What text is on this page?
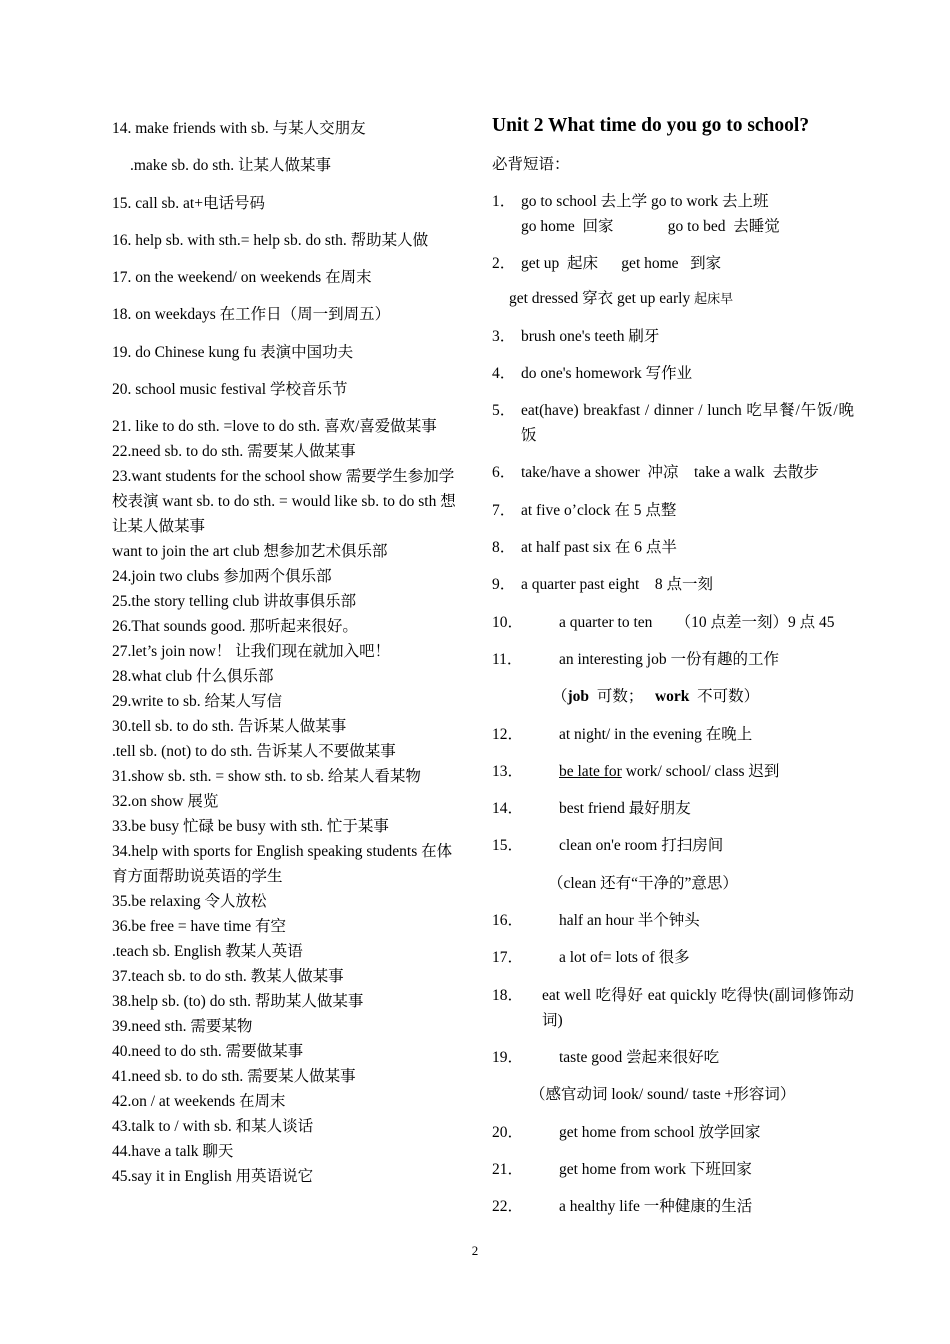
14. make friends with sb. 与某人交朋友
.make sb. do sth. 让某人做某事
15. call sb. at+电话号码
16. help sb. with sth.= help sb. do sth. 帮助某人做
17. on the weekend/ on weekends 在周末
18. on weekdays 在工作日（周一到周五）
19. do Chinese kung fu 表演中国功夫
20. school music festival 学校音乐节
21. like to do sth. =love to do sth. 喜欢/喜爱做某事
22.need sb. to do sth. 需要某人做某事
23.want students for the school show 需要学生参加学校表演 want sb. to do sth. = would like sb. to do sth 想让某人做某事
want to join the art club 想参加艺术俱乐部
24.join two clubs 参加两个俱乐部
25.the story telling club 讲故事俱乐部
26.That sounds good. 那听起来很好。
27.let’s join now！ 让我们现在就加入吧！
28.what club 什么俱乐部
29.write to sb. 给某人写信
30.tell sb. to do sth. 告诉某人做某事
.tell sb. (not) to do sth. 告诉某人不要做某事
31.show sb. sth. = show sth. to sb. 给某人看某物
32.on show 展览
33.be busy 忙碌 be busy with sth. 忙于某事
34.help with sports for English speaking students 在体育方面帮助说英语的学生
35.be relaxing 令人放松
36.be free = have time 有空
.teach sb. English 教某人英语
37.teach sb. to do sth. 教某人做某事
38.help sb. (to) do sth. 帮助某人做某事
39.need sth. 需要某物
40.need to do sth. 需要做某事
41.need sb. to do sth. 需要某人做某事
42.on / at weekends 在周末
43.talk to / with sb. 和某人谈话
44.have a talk 聊天
45.say it in English 用英语说它
Unit 2 What time do you go to school?
必背短语：
1． go to school 去上学 go to work 去上班
go home  回家              go to bed  去睡觉
2． get up  起床      get home   到家
get dressed 穿衣 get up early 起床早
3． brush one's teeth 刷牙
4． do one's homework 写作业
5． eat(have) breakfast / dinner / lunch 吃早餐/午饭/晚饭
6． take/have a shower  冲凉    take a walk  去散步
7． at five o’clock 在 5 点整
8． at half past six 在 6 点半
9． a quarter past eight    8 点一刻
10．	a quarter to ten      （10 点差一刻）9 点 45
11．	an interesting job 一份有趣的工作
（job  可数；   work  不可数）
12．	at night/ in the evening 在晚上
13．	be late for work/ school/ class 迟到
14．	best friend 最好朋友
15．	clean on'e room 打扫房间
（clean 还有“干净的”意思）
16．	half an hour 半个钟头
17．	a lot of= lots of 很多
18．	eat well 吃得好 eat quickly 吃得快(副词修饰动词)
19．	taste good 尝起来很好吃
（感官动词 look/ sound/ taste +形容词）
20．	get home from school 放学回家
21．	get home from work 下班回家
22．	a healthy life 一种健康的生活
2
